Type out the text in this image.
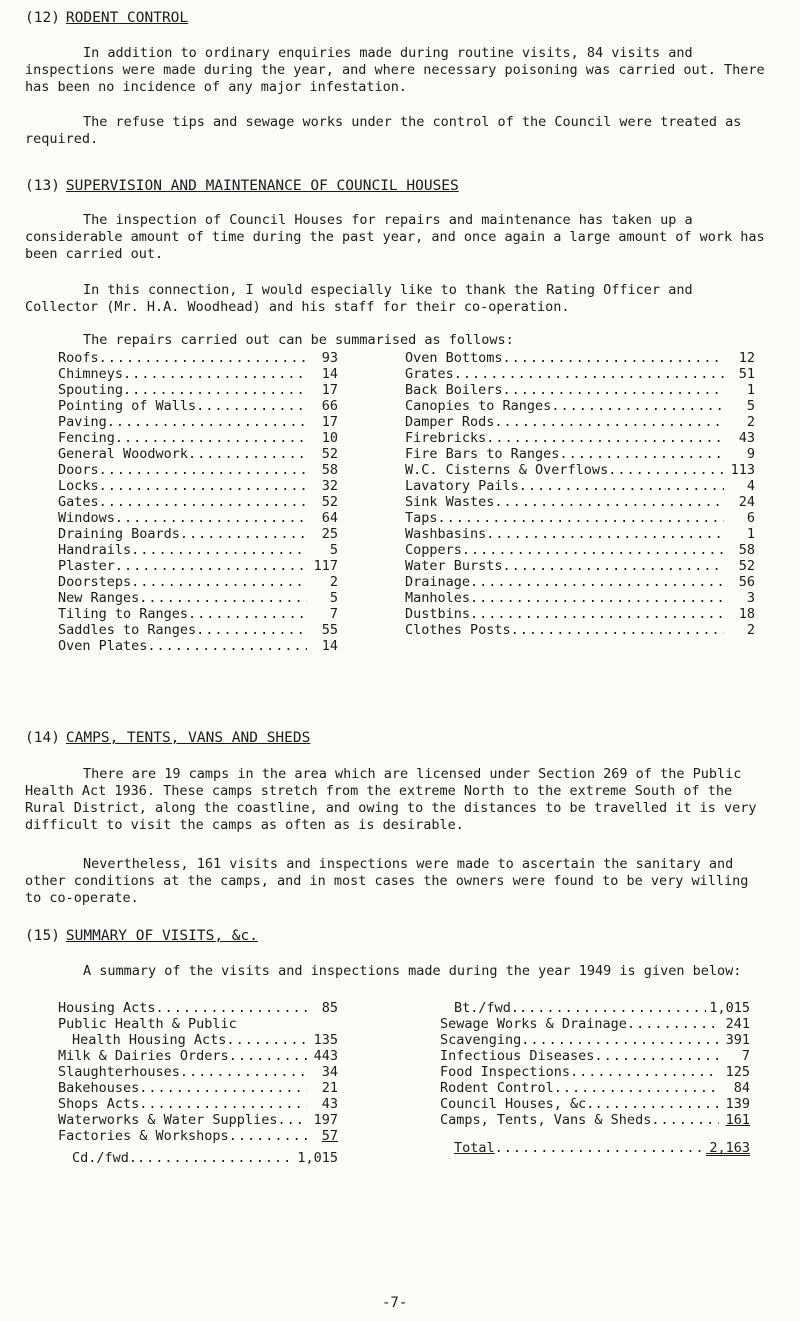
(12) RODENT CONTROL
In addition to ordinary enquiries made during routine visits, 84 visits and inspections were made during the year, and where necessary poisoning was carried out. There has been no incidence of any major infestation.
The refuse tips and sewage works under the control of the Council were treated as required.
(13) SUPERVISION AND MAINTENANCE OF COUNCIL HOUSES
The inspection of Council Houses for repairs and maintenance has taken up a considerable amount of time during the past year, and once again a large amount of work has been carried out.
In this connection, I would especially like to thank the Rating Officer and Collector (Mr. H.A. Woodhead) and his staff for their co-operation.
The repairs carried out can be summarised as follows:
Roofs .....	93
Chimneys .....	14
Spouting .....	17
Pointing of Walls .....	66
Paving .....	17
Fencing .....	10
General Woodwork .....	52
Doors .....	58
Locks .....	32
Gates .....	52
Windows .....	64
Draining Boards .....	25
Handrails .....	5
Plaster .....	117
Doorsteps .....	2
New Ranges .....	5
Tiling to Ranges .....	7
Saddles to Ranges .....	55
Oven Plates .....	14
Oven Bottoms .....	12
Grates .....	51
Back Boilers .....	1
Canopies to Ranges .....	5
Damper Rods .....	2
Firebricks .....	43
Fire Bars to Ranges .....	9
W.C. Cisterns & Overflows .....	113
Lavatory Pails .....	4
Sink Wastes .....	24
Taps .....	6
Washbasins .....	1
Coppers .....	58
Water Bursts .....	52
Drainage .....	56
Manholes .....	3
Dustbins .....	18
Clothes Posts .....	2
(14) CAMPS, TENTS, VANS AND SHEDS
There are 19 camps in the area which are licensed under Section 269 of the Public Health Act 1936. These camps stretch from the extreme North to the extreme South of the Rural District, along the coastline, and owing to the distances to be travelled it is very difficult to visit the camps as often as is desirable.
Nevertheless, 161 visits and inspections were made to ascertain the sanitary and other conditions at the camps, and in most cases the owners were found to be very willing to co-operate.
(15) SUMMARY OF VISITS, &c.
A summary of the visits and inspections made during the year 1949 is given below:
Housing Acts .....	85
Public Health & Public
Health Housing Acts .....	135
Milk & Dairies Orders .....	443
Slaughterhouses .....	34
Bakehouses .....	21
Shops Acts .....	43
Waterworks & Water Supplies .....	197
Factories & Workshops .....	57
Cd./fwd. .....	1,015
Bt./fwd. .....	1,015
Sewage Works & Drainage .....	241
Scavenging .....	391
Infectious Diseases .....	7
Food Inspections .....	125
Rodent Control .....	84
Council Houses, &c. .....	139
Camps, Tents, Vans & Sheds .....	161
Total .....	2,163
-7-
